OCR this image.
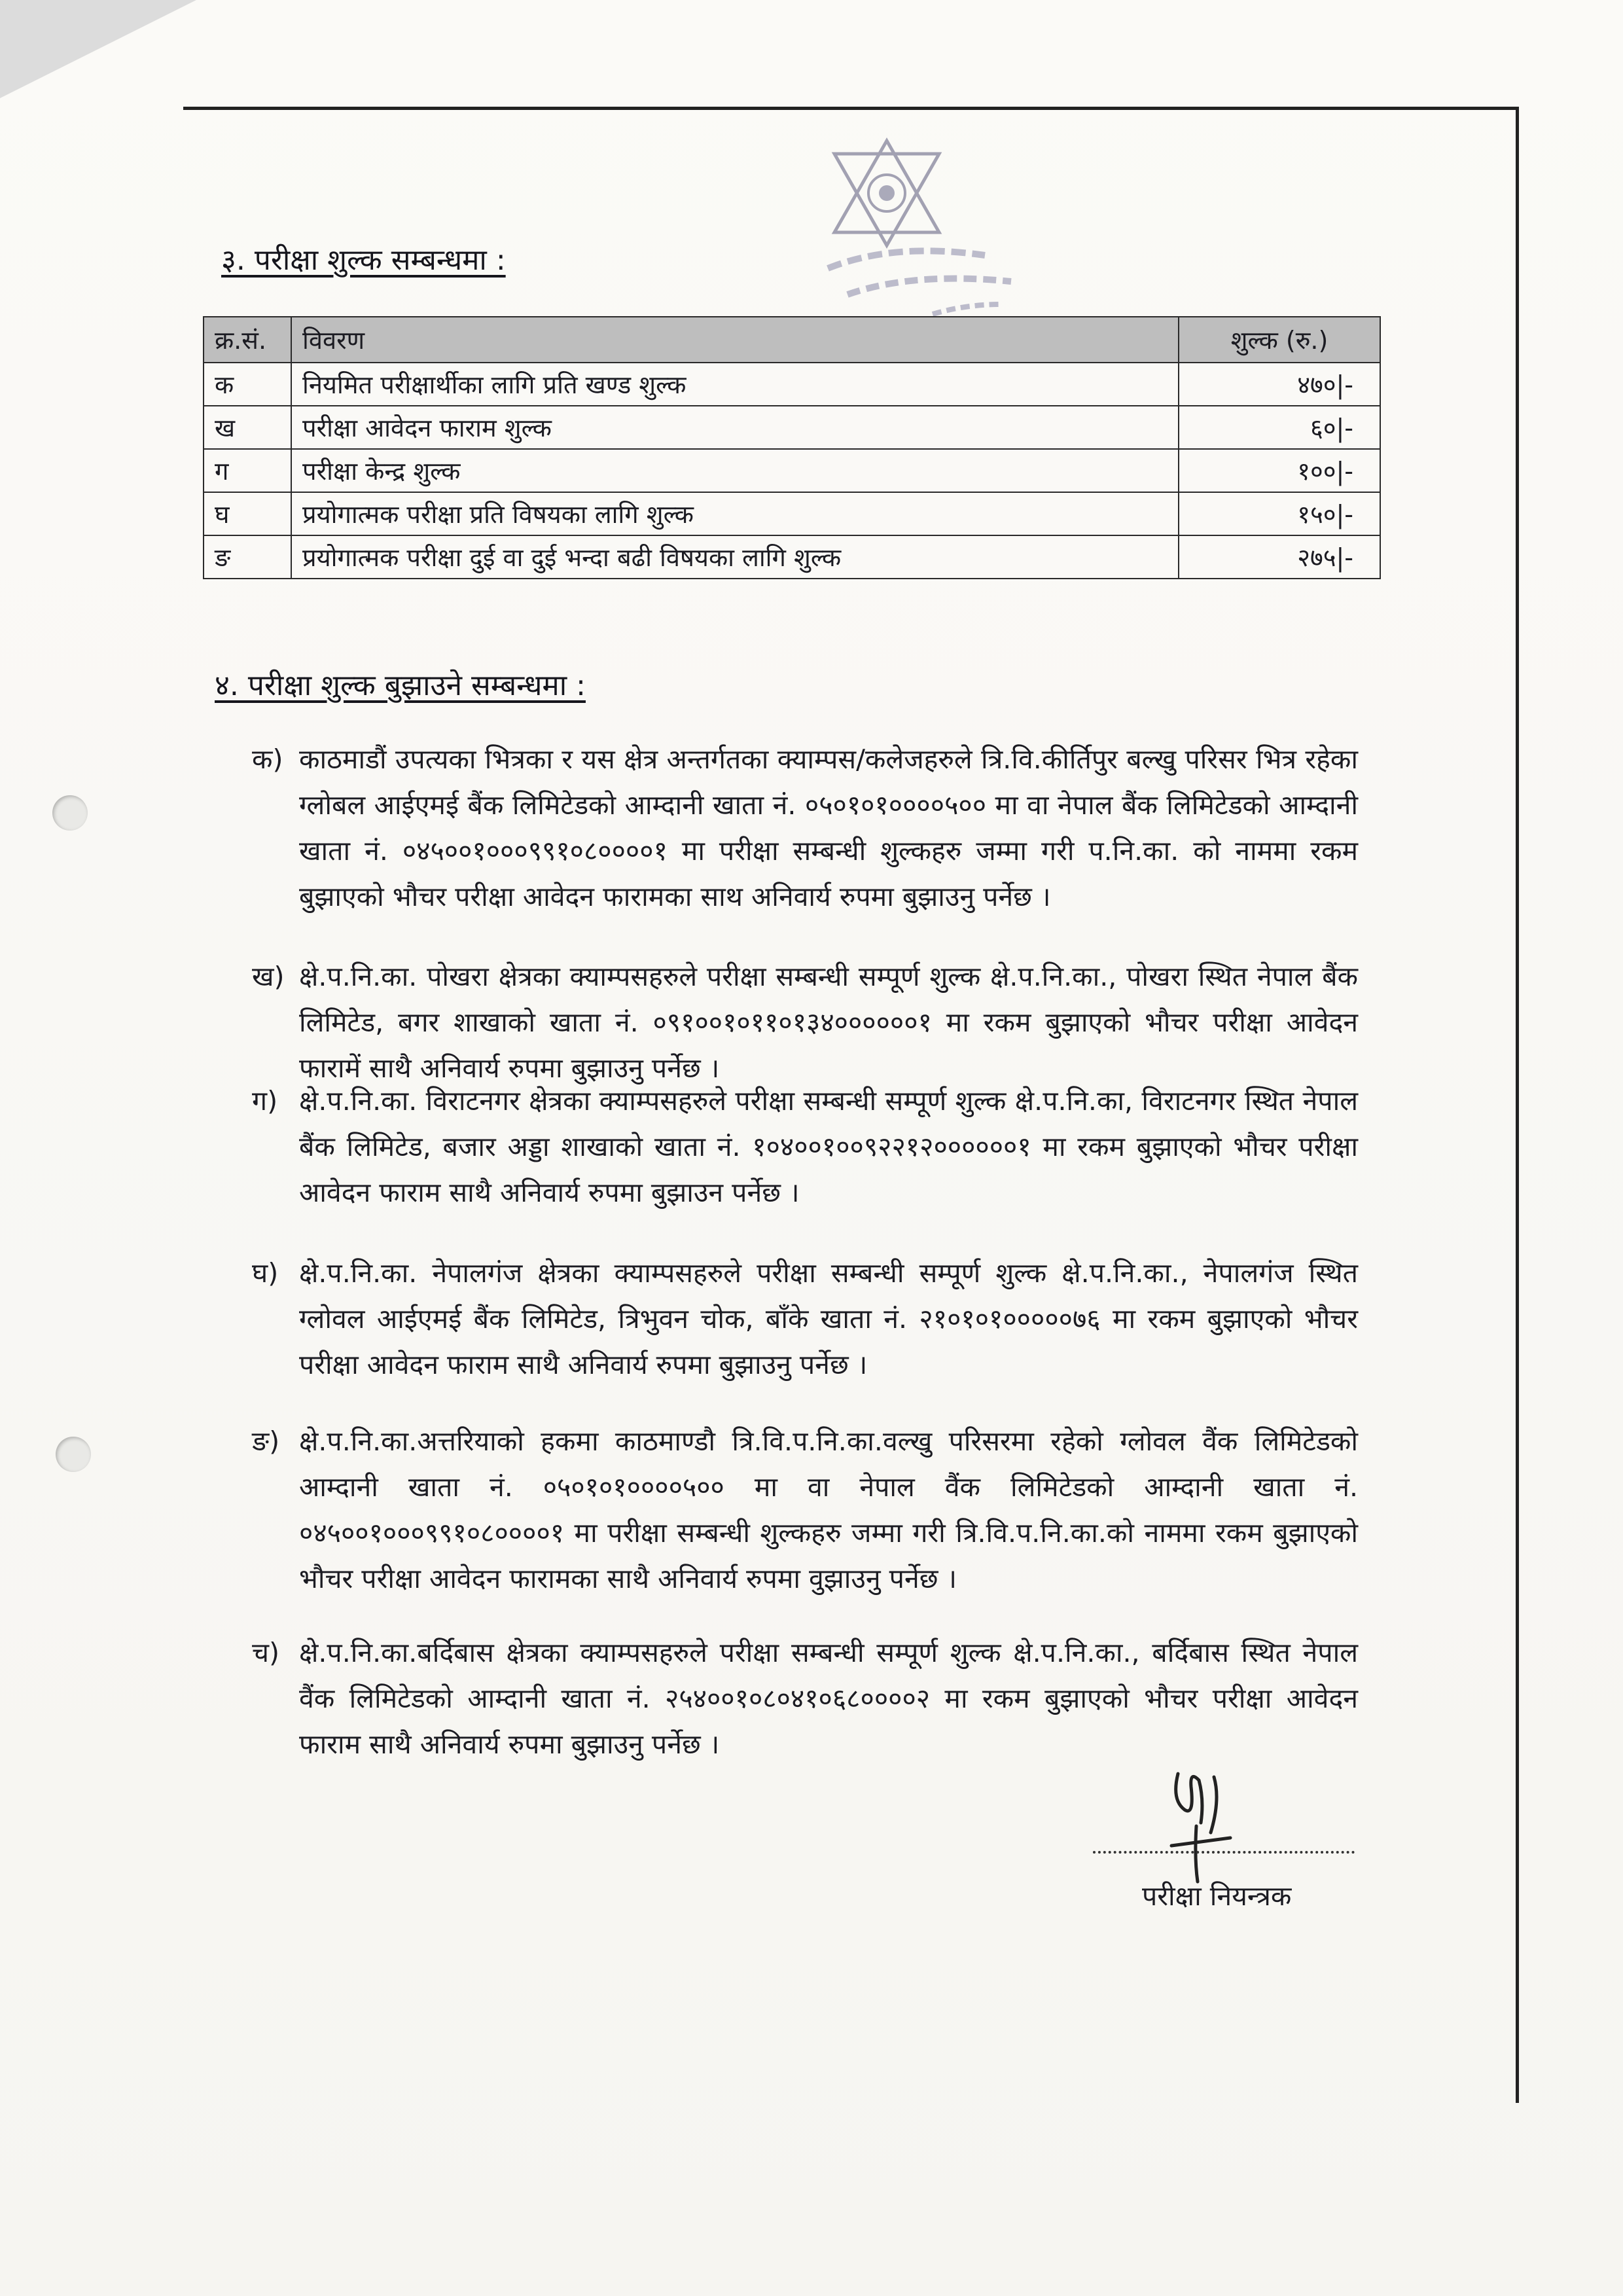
३. परीक्षा शुल्क सम्बन्धमा :
क्र.सं.	विवरण	शुल्क (रु.)
क	नियमित परीक्षार्थीका लागि प्रति खण्ड शुल्क	४७०|-
ख	परीक्षा आवेदन फाराम शुल्क	६०|-
ग	परीक्षा केन्द्र शुल्क	१००|-
घ	प्रयोगात्मक परीक्षा प्रति विषयका लागि शुल्क	१५०|-
ङ	प्रयोगात्मक परीक्षा दुई वा दुई भन्दा बढी विषयका लागि शुल्क	२७५|-
४. परीक्षा शुल्क बुझाउने सम्बन्धमा :
क) काठमाडौं उपत्यका भित्रका र यस क्षेत्र अन्तर्गतका क्याम्पस/कलेजहरुले त्रि.वि.कीर्तिपुर बल्खु परिसर भित्र रहेका ग्लोबल आईएमई बैंक लिमिटेडको आम्दानी खाता नं. ०५०१०१००००५०० मा वा नेपाल बैंक लिमिटेडको आम्दानी खाता नं. ०४५००१०००९९१०८००००१ मा परीक्षा सम्बन्धी शुल्कहरु जम्मा गरी प.नि.का. को नाममा रकम बुझाएको भौचर परीक्षा आवेदन फारामका साथ अनिवार्य रुपमा बुझाउनु पर्नेछ ।
ख) क्षे.प.नि.का. पोखरा क्षेत्रका क्याम्पसहरुले परीक्षा सम्बन्धी सम्पूर्ण शुल्क क्षे.प.नि.का., पोखरा स्थित नेपाल बैंक लिमिटेड, बगर शाखाको खाता नं. ०९१००१०११०१३४००००००१ मा रकम बुझाएको भौचर परीक्षा आवेदन फारामें साथै अनिवार्य रुपमा बुझाउनु पर्नेछ ।
ग) क्षे.प.नि.का. विराटनगर क्षेत्रका क्याम्पसहरुले परीक्षा सम्बन्धी सम्पूर्ण शुल्क क्षे.प.नि.का, विराटनगर स्थित नेपाल बैंक लिमिटेड, बजार अड्डा शाखाको खाता नं. १०४००१००९२२१२००००००१ मा रकम बुझाएको भौचर परीक्षा आवेदन फाराम साथै अनिवार्य रुपमा बुझाउन पर्नेछ ।
घ) क्षे.प.नि.का. नेपालगंज क्षेत्रका क्याम्पसहरुले परीक्षा सम्बन्धी सम्पूर्ण शुल्क क्षे.प.नि.का., नेपालगंज स्थित ग्लोवल आईएमई बैंक लिमिटेड, त्रिभुवन चोक, बाँके खाता नं. २१०१०१०००००७६ मा रकम बुझाएको भौचर परीक्षा आवेदन फाराम साथै अनिवार्य रुपमा बुझाउनु पर्नेछ ।
ङ) क्षे.प.नि.का.अत्तरियाको हकमा काठमाण्डौ त्रि.वि.प.नि.का.वल्खु परिसरमा रहेको ग्लोवल वैंक लिमिटेडको आम्दानी खाता नं. ०५०१०१००००५०० मा वा नेपाल वैंक लिमिटेडको आम्दानी खाता नं. ०४५००१०००९९१०८००००१ मा परीक्षा सम्बन्धी शुल्कहरु जम्मा गरी त्रि.वि.प.नि.का.को नाममा रकम बुझाएको भौचर परीक्षा आवेदन फारामका साथै अनिवार्य रुपमा वुझाउनु पर्नेछ ।
च) क्षे.प.नि.का.बर्दिबास क्षेत्रका क्याम्पसहरुले परीक्षा सम्बन्धी सम्पूर्ण शुल्क क्षे.प.नि.का., बर्दिबास स्थित नेपाल वैंक लिमिटेडको आम्दानी खाता नं. २५४००१०८०४१०६८००००२ मा रकम बुझाएको भौचर परीक्षा आवेदन फाराम साथै अनिवार्य रुपमा बुझाउनु पर्नेछ ।
परीक्षा नियन्त्रक
